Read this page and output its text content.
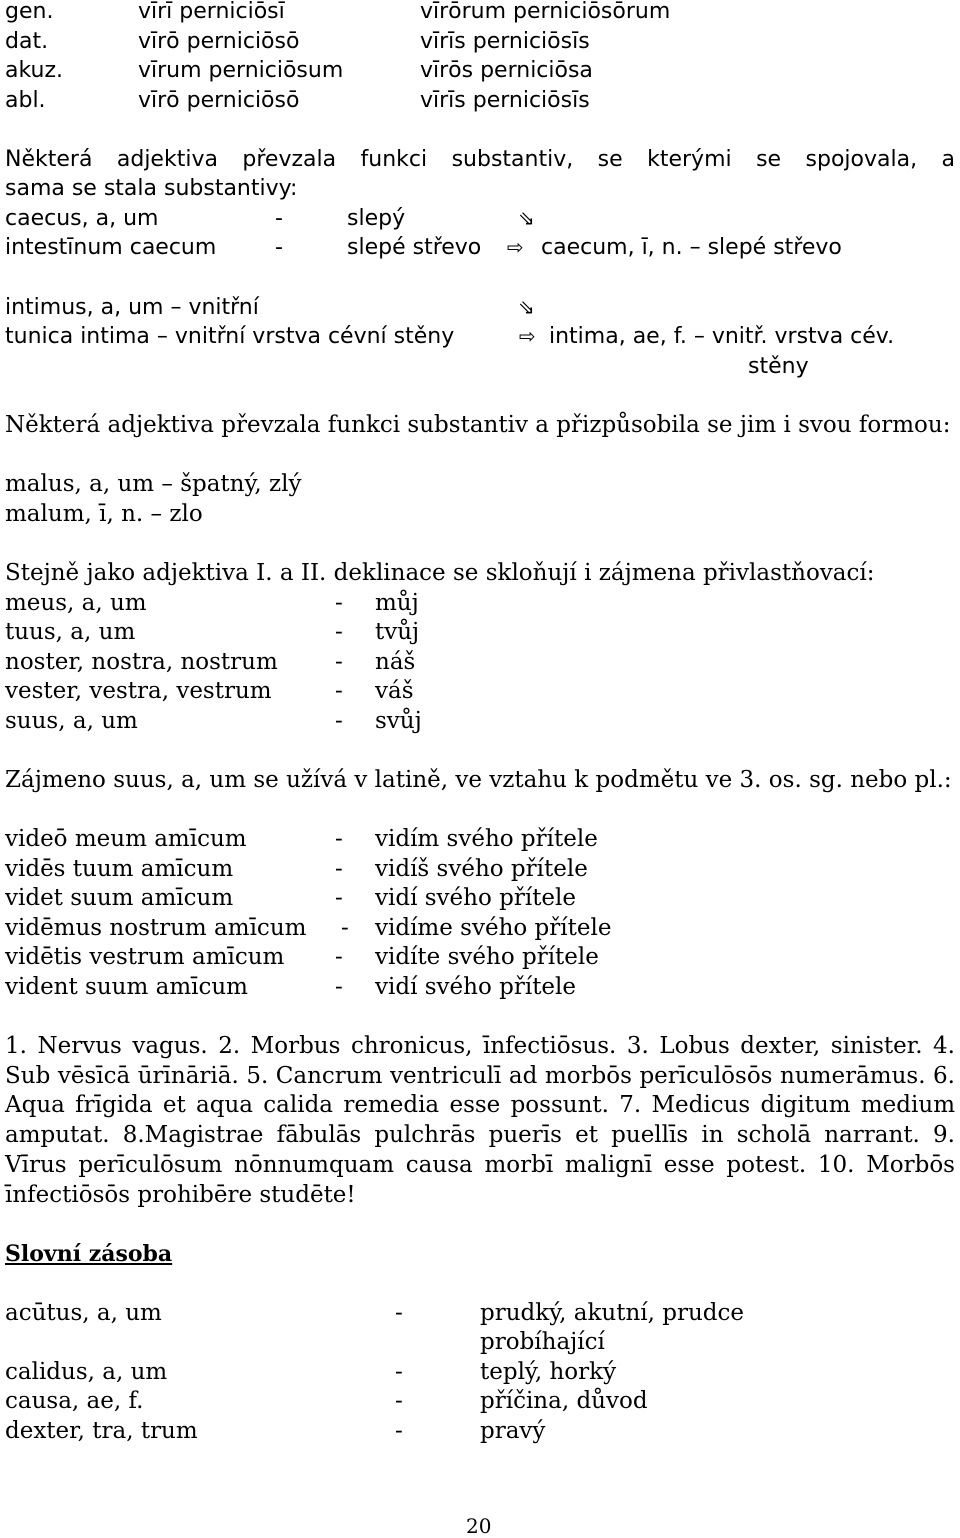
gen.	vīrī perniciōsī	vīrōrum perniciōsōrum
dat.	vīrō perniciōsō	vīrīs perniciōsīs
akuz.	vīrum perniciōsum	vīrōs perniciōsa
abl.	vīrō perniciōsō	vīrīs perniciōsīs
Některá adjektiva převzala funkci substantiv, se kterými se spojovala, a
sama se stala substantivy:
caecus, a, um	-	slepý	⇘
intestīnum caecum	-	slepé střevo ⇨ caecum, ī, n. – slepé střevo
intimus, a, um – vnitřní	⇘
tunica intima – vnitřní vrstva cévní stěny	⇨ intima, ae, f. – vnitř. vrstva cév.
stěny
Některá adjektiva převzala funkci substantiv a přizpůsobila se jim i svou formou:
malus, a, um – špatný, zlý
malum, ī, n. – zlo
Stejně jako adjektiva I. a II. deklinace se skloňují i zájmena přivlastňovací:
meus, a, um	- můj
tuus, a, um	- tvůj
noster, nostra, nostrum - náš
vester, vestra, vestrum	- váš
suus, a, um	- svůj
Zájmeno suus, a, um se užívá v latině, ve vztahu k podmětu ve 3. os. sg. nebo pl.:
videō meum amīcum	- vidím svého přítele
vidēs tuum amīcum	- vidíš svého přítele
videt suum amīcum	- vidí svého přítele
vidēmus nostrum amīcum - vidíme svého přítele
vidētis vestrum amīcum - vidíte svého přítele
vident suum amīcum	- vidí svého přítele
1. Nervus vagus. 2. Morbus chronicus, īnfectiōsus. 3. Lobus dexter, sinister. 4. Sub vēsīcā ūrīnāriā. 5. Cancrum ventriculī ad morbōs perīculōsōs numerāmus. 6. Aqua frīgida et aqua calida remedia esse possunt. 7. Medicus digitum medium amputat. 8.Magistrae fābulās pulchrās puerīs et puellīs in scholā narrant. 9. Vīrus perīculōsum nōnnumquam causa morbī malignī esse potest. 10. Morbōs īnfectiōsōs prohibēre studēte!
Slovní zásoba
acūtus, a, um	-	prudký, akutní, prudce
probíhající
calidus, a, um	-	teplý, horký
causa, ae, f.	-	příčina, důvod
dexter, tra, trum	-	pravý
20
